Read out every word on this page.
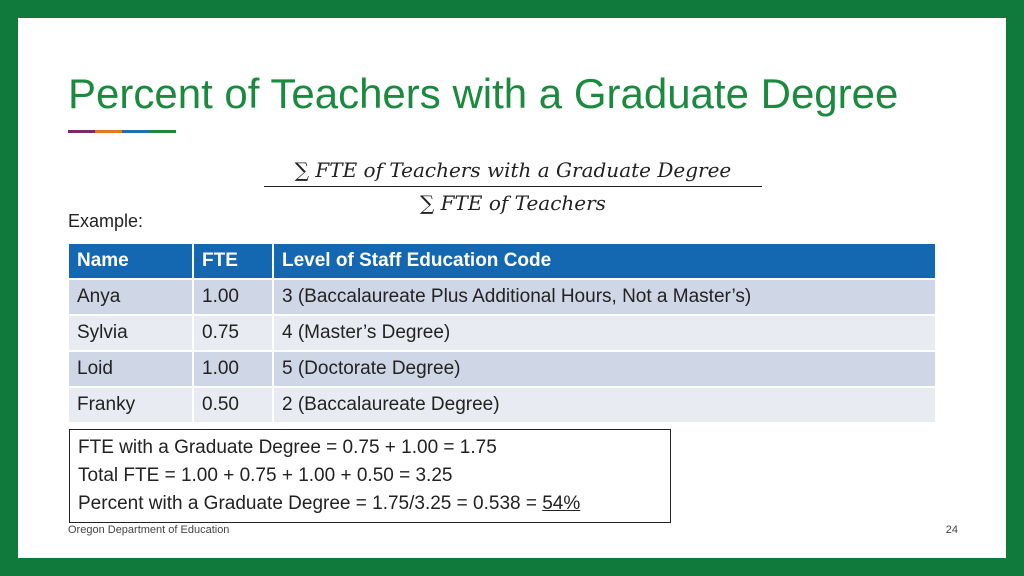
Percent of Teachers with a Graduate Degree
∑ FTE of Teachers with a Graduate Degree
∑ FTE of Teachers
Example:
Name	FTE	Level of Staff Education Code
Anya	1.00	3 (Baccalaureate Plus Additional Hours, Not a Master’s)
Sylvia	0.75	4 (Master’s Degree)
Loid	1.00	5 (Doctorate Degree)
Franky	0.50	2 (Baccalaureate Degree)
FTE with a Graduate Degree = 0.75 + 1.00 = 1.75
Total FTE = 1.00 + 0.75 + 1.00 + 0.50 = 3.25
Percent with a Graduate Degree = 1.75/3.25 = 0.538 = 54%
Oregon Department of Education	24
